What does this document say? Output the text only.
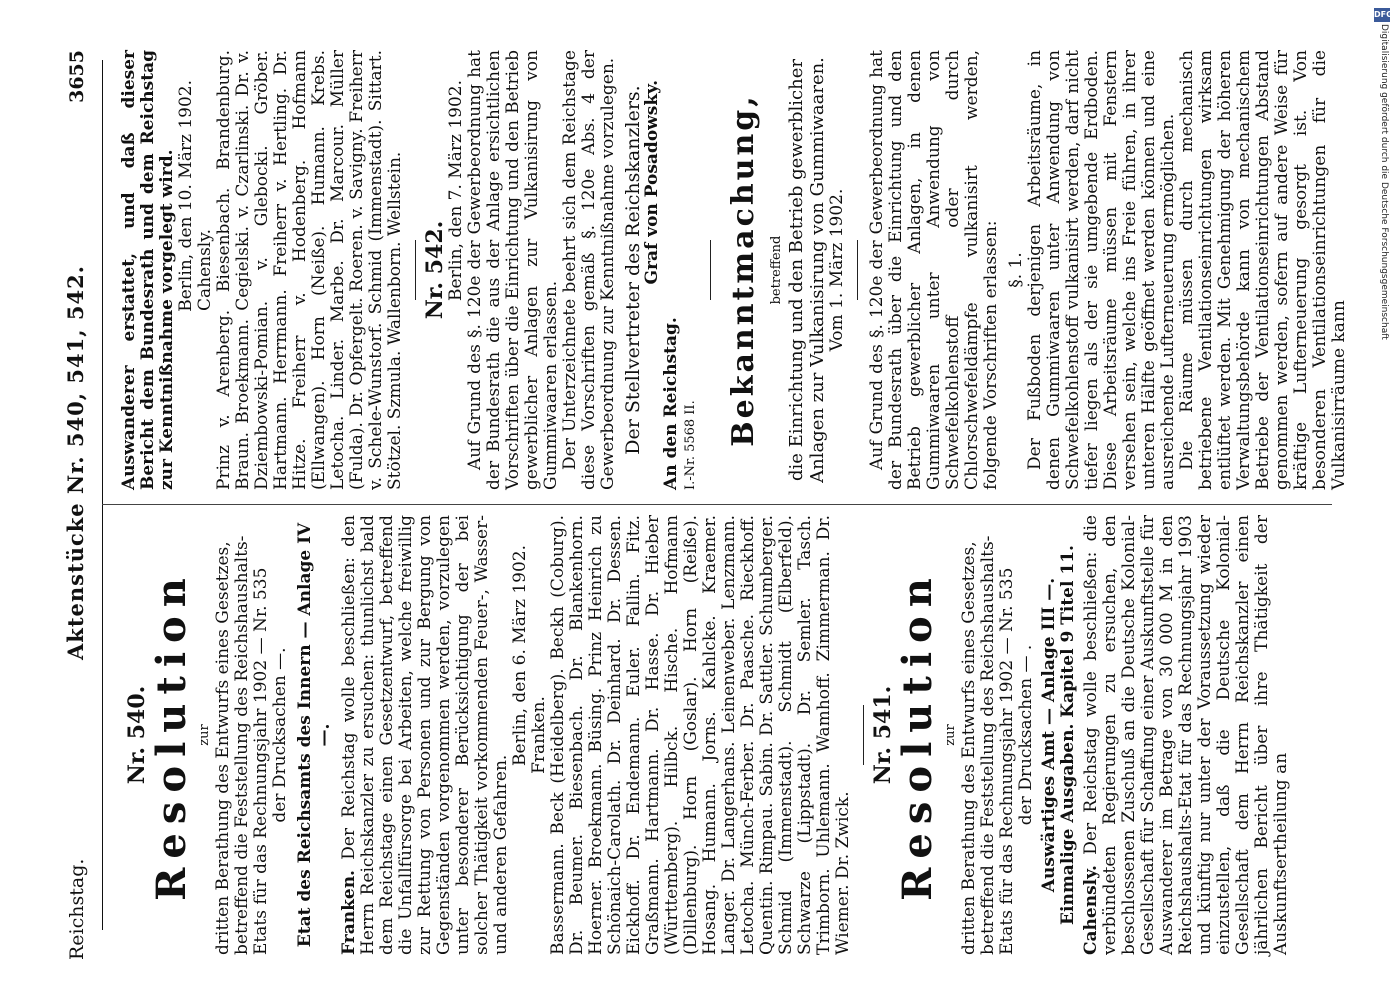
Reichstag.
Aktenstücke Nr. 540, 541, 542.
3655
Nr. 540.
Resolution zur dritten Berathung des Entwurfs eines Gesetzes, betreffend die Feststellung des Reichshaushalts- Etats für das Rechnungsjahr 1902 — Nr. 535 der Drucksachen —. Etat des Reichsamts des Innern — Anlage IV —.

Franken. Der Reichstag wolle beschließen: den Herrn Reichskanzler zu ersuchen: thunlichst bald dem Reichstage einen Gesetzentwurf, betreffend die Unfallfürsorge bei Arbeiten, welche freiwillig zur Rettung von Personen und zur Bergung von Gegenständen vorgenommen werden, vorzulegen unter besonderer Berücksichtigung der bei solcher Thätigkeit vorkommenden Feuer-, Wasser- und anderen Gefahren.

Berlin, den 6. März 1902. Franken. Bassermann. Beck (Heidelberg). Beckh (Coburg). Dr. Beumer. Biesenbach. Dr. Blankenhorn. Hoerner. Broekmann. Büsing. Prinz Heinrich zu Schönaich-Carolath. Dr. Deinhard. Dr. Dessen. Eickhoff. Dr. Endemann. Euler. Fallin. Fitz. Graßmann. Hartmann. Dr. Hasse. Dr. Hieber (Württemberg). Hilbck. Hische. Hofmann (Dillenburg). Horn (Goslar). Horn (Reiße). Hosang. Humann. Jorns. Kahlcke. Kraemer. Langer. Dr. Langerhans. Leinenweber. Lenzmann. Letocha. Münch-Ferber. Dr. Paasche. Rieckhoff. Quentin. Rimpau. Sabin. Dr. Sattler. Schumberger. Schmid (Immenstadt). Schmidt (Elberfeld). Schwarze (Lippstadt). Dr. Semler. Tasch. Trimborn. Uhlemann. Wamhoff. Zimmerman. Dr. Wiemer. Dr. Zwick.

Nr. 541.
Resolution zur dritten Berathung des Entwurfs eines Gesetzes, betreffend die Feststellung des Reichshaushalts- Etats für das Rechnungsjahr 1902 — Nr. 535 der Drucksachen — . Auswärtiges Amt — Anlage III —. Einmalige Ausgaben. Kapitel 9 Titel 11. Cahensly. Der Reichstag wolle beschließen: die verbündeten Regierungen zu ersuchen, den beschlossenen Zuschuß an die Deutsche Kolonial-Gesellschaft für Schaffung einer Auskunftstelle für Auswanderer im Betrage von 30 000 M in den Reichshaushalts-Etat für das Rechnungsjahr 1903 und künftig nur unter der Voraussetzung wieder einzustellen, daß die Deutsche Kolonial-Gesellschaft dem Herrn Reichskanzler einen jährlichen Bericht über ihre Thätigkeit der Auskunftsertheilung an

Auswanderer erstattet, und daß dieser Bericht dem Bundesrath und dem Reichstag zur Kenntnißnahme vorgelegt wird. Berlin, den 10. März 1902. Cahensly. Prinz v. Arenberg. Biesenbach. Brandenburg. Braun. Broekmann. Cegielski. v. Czarlinski. Dr. v. Dziembowski-Pomian. v. Glebocki. Gröber. Hartmann. Herrmann. Freiherr v. Hertling. Dr. Hitze. Freiherr v. Hodenberg. Hofmann (Ellwangen). Horn (Neiße). Humann. Krebs. Letocha. Linder. Marbe. Dr. Marcour. Müller (Fulda). Dr. Opfergelt. Roeren. v. Savigny. Freiherr v. Schele-Wunstorf. Schmid (Immenstadt). Sittart. Stötzel. Szmula. Wallenborn. Wellstein. Nr. 542.

Berlin, den 7. März 1902. Auf Grund des §. 120e der Gewerbeordnung hat der Bundesrath die aus der Anlage ersichtlichen Vorschriften über die Einrichtung und den Betrieb gewerblicher Anlagen zur Vulkanisirung von Gummiwaaren erlassen. Der Unterzeichnete beehrt sich dem Reichstage diese Vorschriften gemäß §. 120e Abs. 4 der Gewerbeordnung zur Kenntnißnahme vorzulegen. Der Stellvertreter des Reichskanzlers.

Graf von Posadowsky.

An den Reichstag. I.-Nr. 5568 II. Bekanntmachung, betreffend die Einrichtung und den Betrieb gewerblicher Anlagen zur Vulkanisirung von Gummiwaaren. Vom 1. März 1902. Auf Grund des §. 120e der Gewerbeordnung hat der Bundesrath über die Einrichtung und den Betrieb gewerblicher Anlagen, in denen Gummiwaaren unter Anwendung von Schwefelkohlenstoff oder durch Chlorschwefeldämpfe vulkanisirt werden, folgende Vorschriften erlassen: §. 1. Der Fußboden derjenigen Arbeitsräume, in denen Gummiwaaren unter Anwendung von Schwefelkohlenstoff vulkanisirt werden, darf nicht tiefer liegen als der sie umgebende Erdboden. Diese Arbeitsräume müssen mit Fenstern versehen sein, welche ins Freie führen, in ihrer unteren Hälfte geöffnet werden können und eine ausreichende Lufterneuerung ermöglichen. Die Räume müssen durch mechanisch betriebene Ventilationseinrichtungen wirksam entlüftet werden. Mit Genehmigung der höheren Verwaltungsbehörde kann von mechanischem Betriebe der Ventilationseinrichtungen Abstand genommen werden, sofern auf andere Weise für kräftige Lufterneuerung gesorgt ist. Von besonderen Ventilationseinrichtungen für die Vulkanisirräume kann

DFG
Digitalisierung gefördert durch die Deutsche Forschungsgemeinschaft
